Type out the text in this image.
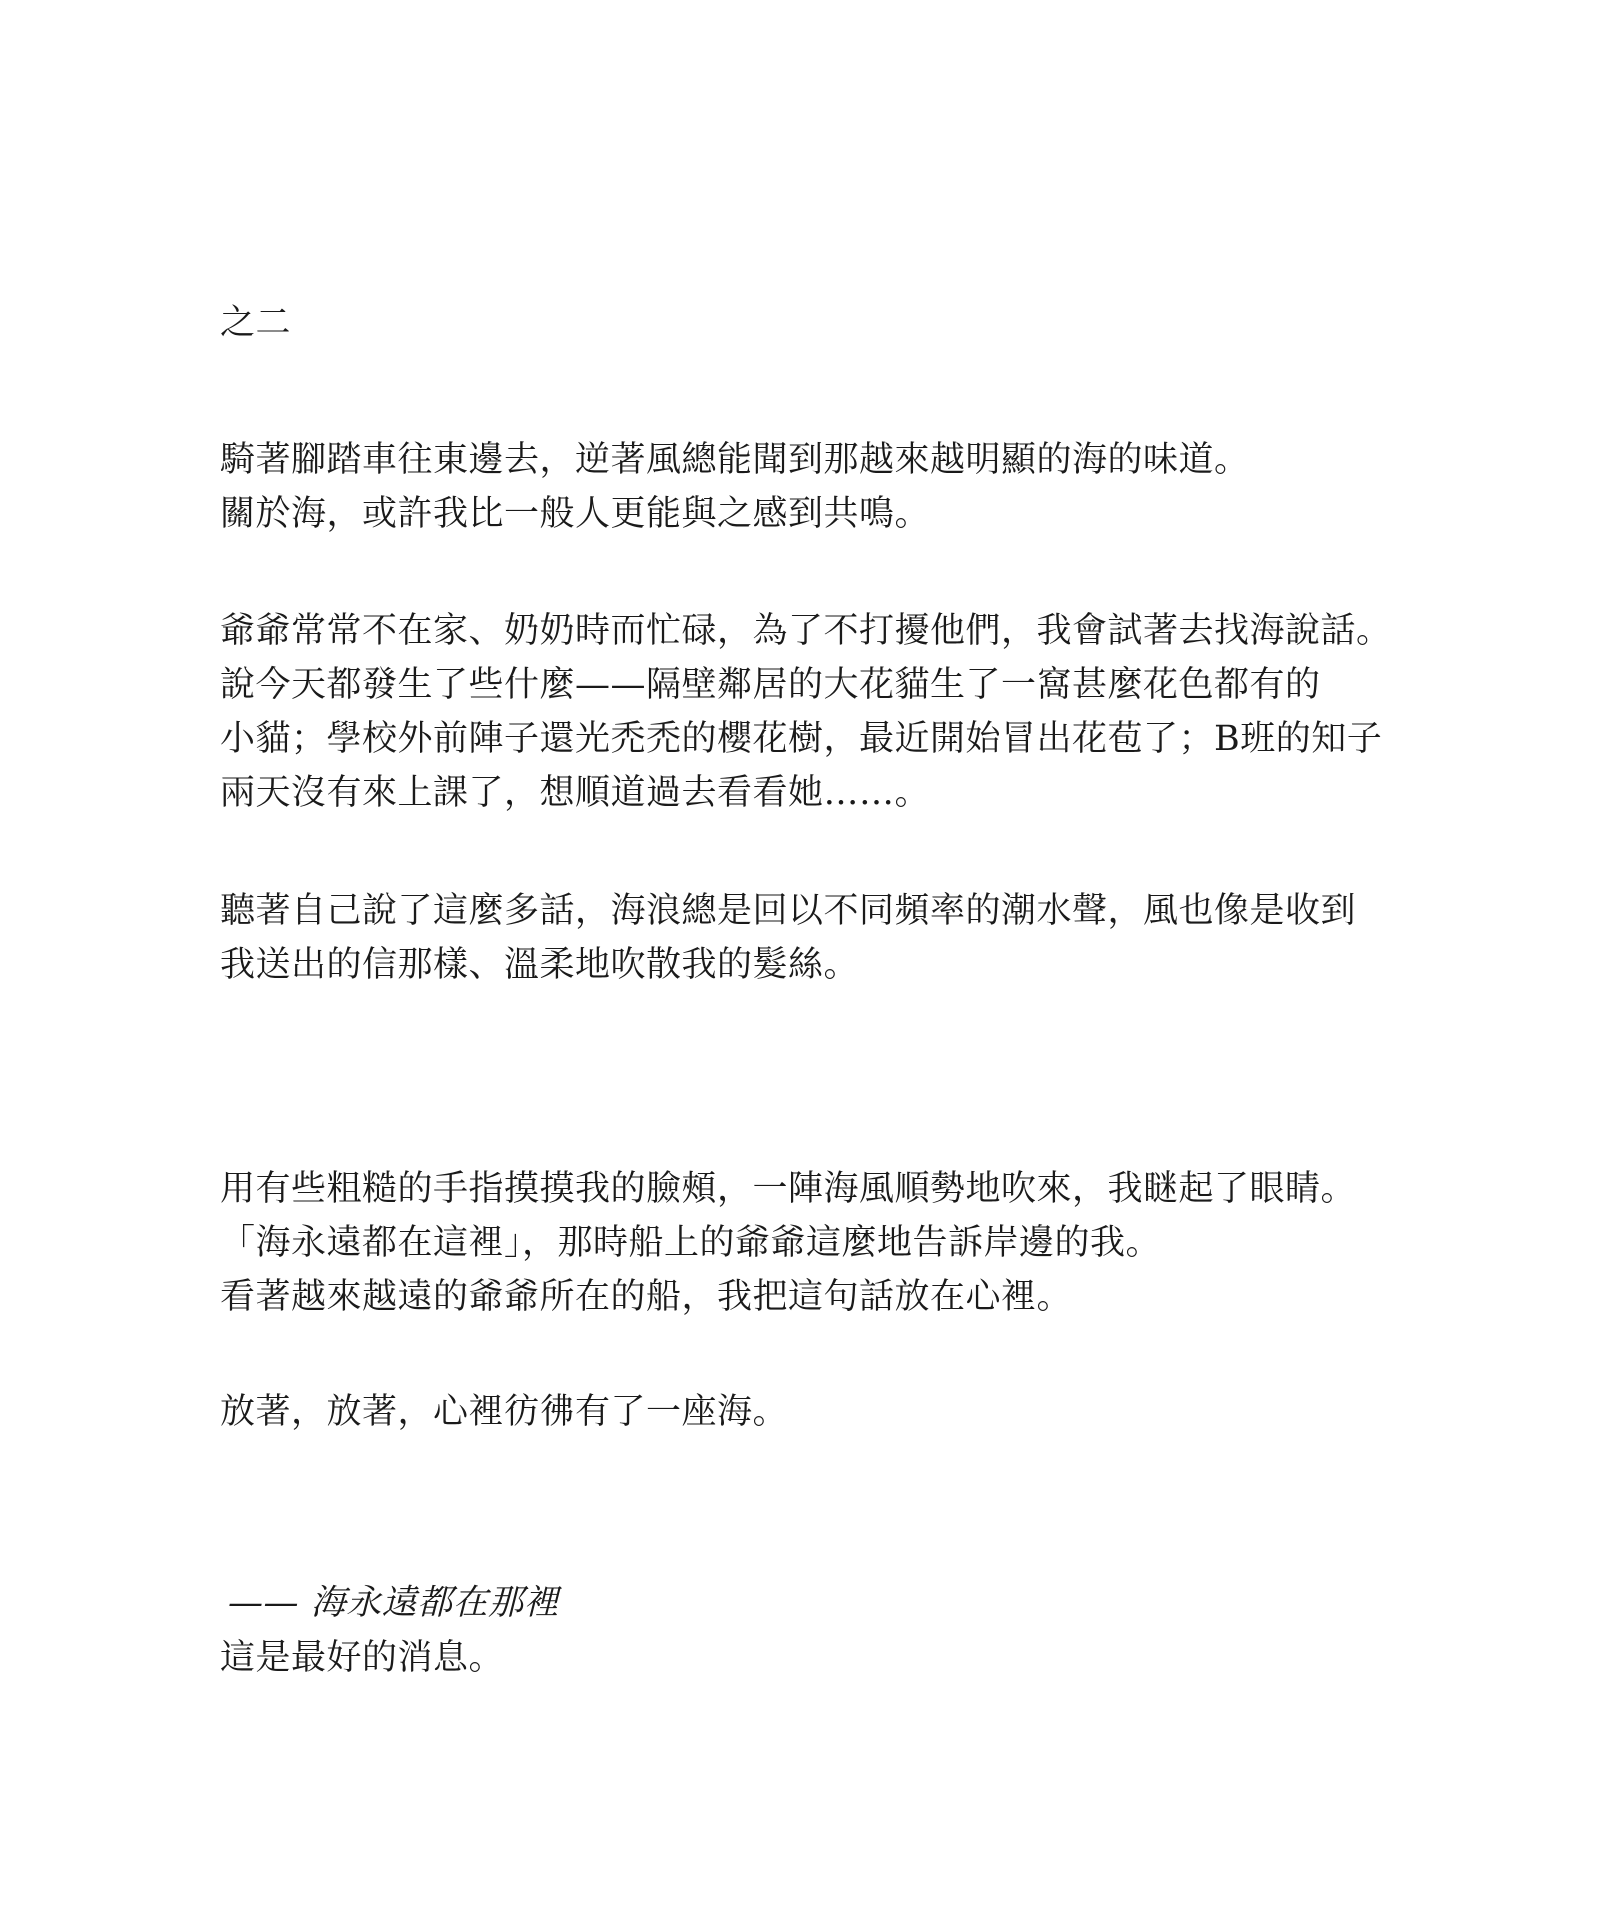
之二
騎著腳踏車往東邊去，逆著風總能聞到那越來越明顯的海的味道。
關於海，或許我比一般人更能與之感到共鳴。
爺爺常常不在家、奶奶時而忙碌，為了不打擾他們，我會試著去找海說話。
說今天都發生了些什麼——隔壁鄰居的大花貓生了一窩甚麼花色都有的
小貓；學校外前陣子還光禿禿的櫻花樹，最近開始冒出花苞了；B班的知子
兩天沒有來上課了，想順道過去看看她……。
聽著自己說了這麼多話，海浪總是回以不同頻率的潮水聲，風也像是收到
我送出的信那樣、溫柔地吹散我的髮絲。
用有些粗糙的手指摸摸我的臉頰，一陣海風順勢地吹來，我瞇起了眼睛。
「海永遠都在這裡」，那時船上的爺爺這麼地告訴岸邊的我。
看著越來越遠的爺爺所在的船，我把這句話放在心裡。
放著，放著，心裡彷彿有了一座海。
—— 海永遠都在那裡
這是最好的消息。
